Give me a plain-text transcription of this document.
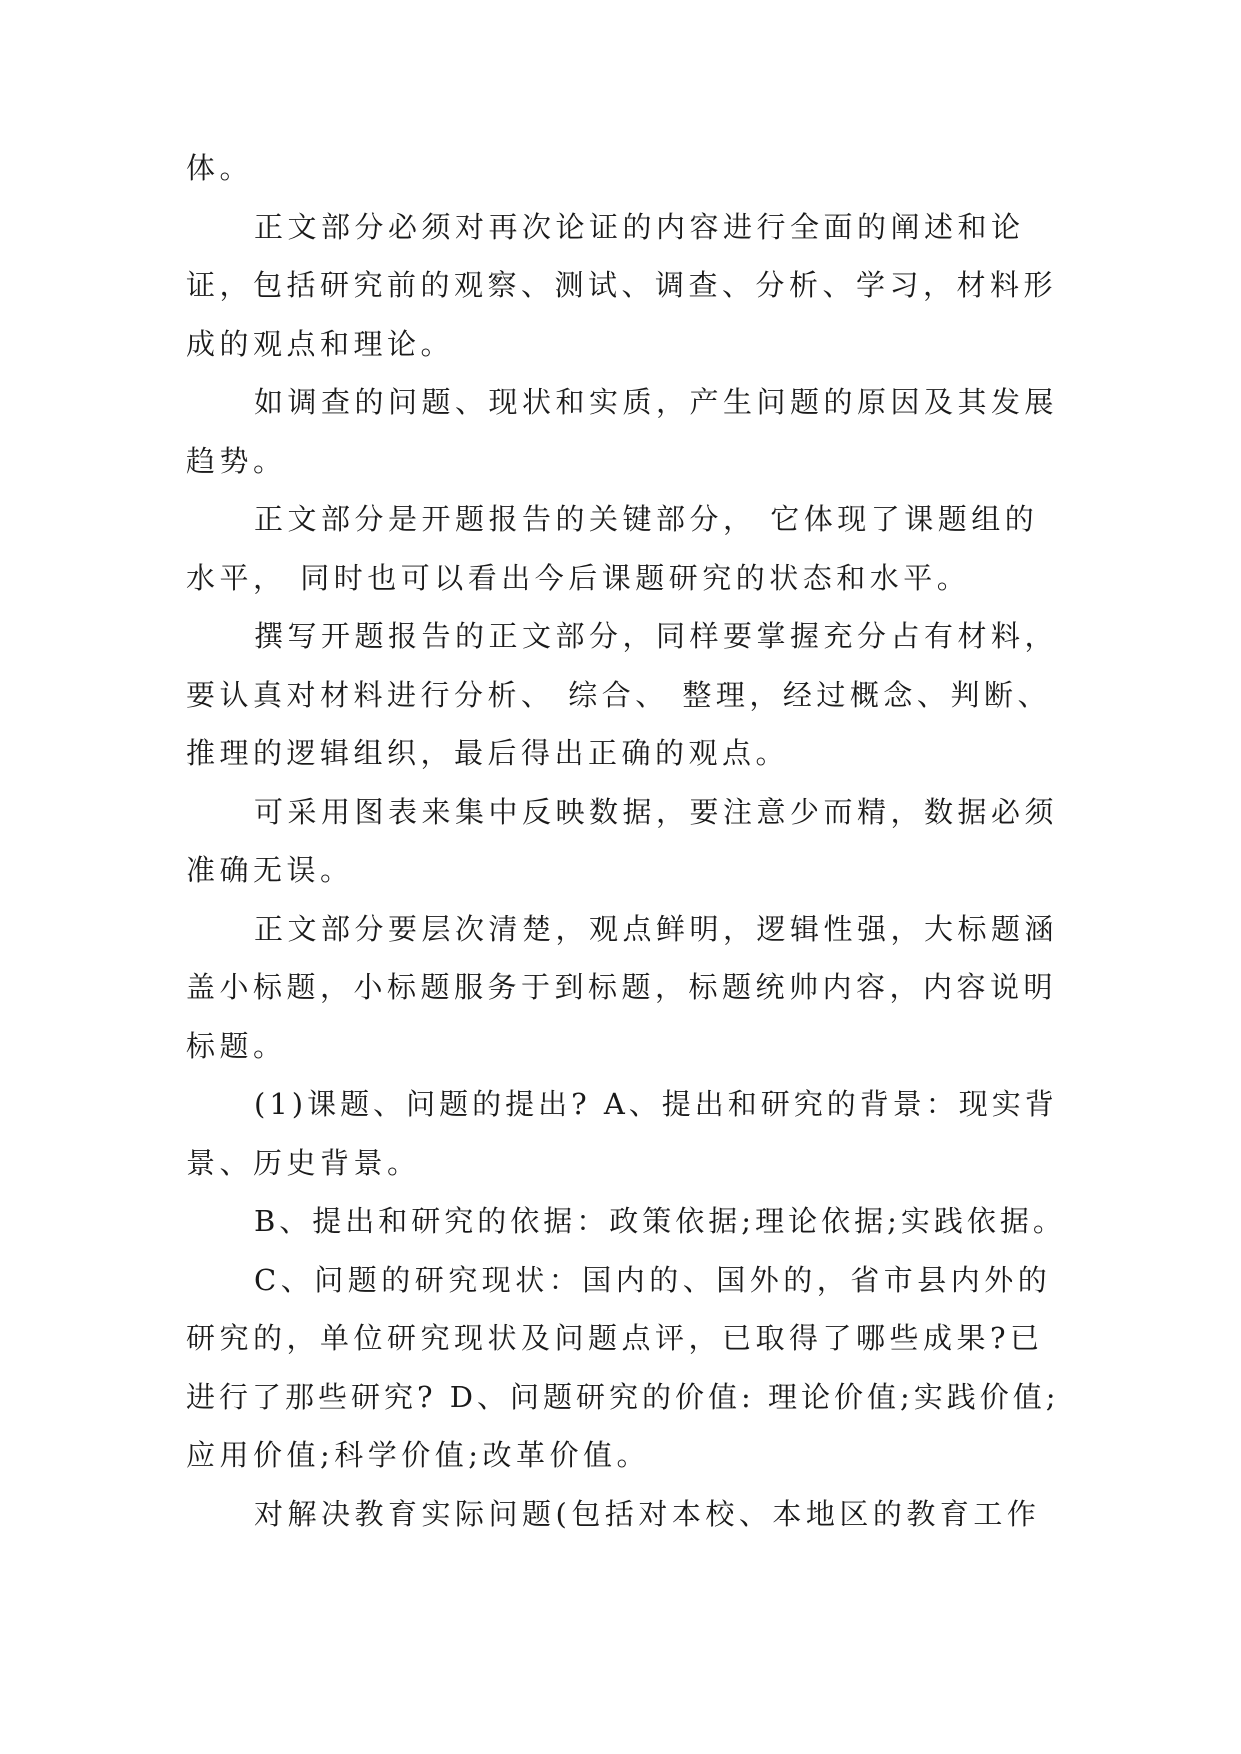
体。
正文部分必须对再次论证的内容进行全面的阐述和论
证，包括研究前的观察、测试、调查、分析、学习，材料形
成的观点和理论。
如调查的问题、现状和实质，产生问题的原因及其发展
趋势。
正文部分是开题报告的关键部分， 它体现了课题组的
水平， 同时也可以看出今后课题研究的状态和水平。
撰写开题报告的正文部分，同样要掌握充分占有材料，
要认真对材料进行分析、 综合、 整理，经过概念、判断、
推理的逻辑组织，最后得出正确的观点。
可采用图表来集中反映数据，要注意少而精，数据必须
准确无误。
正文部分要层次清楚，观点鲜明，逻辑性强，大标题涵
盖小标题，小标题服务于到标题，标题统帅内容，内容说明
标题。
(1)课题、问题的提出? A、提出和研究的背景：现实背
景、历史背景。
B、提出和研究的依据：政策依据;理论依据;实践依据。
C、问题的研究现状：国内的、国外的，省市县内外的
研究的，单位研究现状及问题点评，已取得了哪些成果?已
进行了那些研究? D、问题研究的价值: 理论价值;实践价值;
应用价值;科学价值;改革价值。
对解决教育实际问题(包括对本校、本地区的教育工作
